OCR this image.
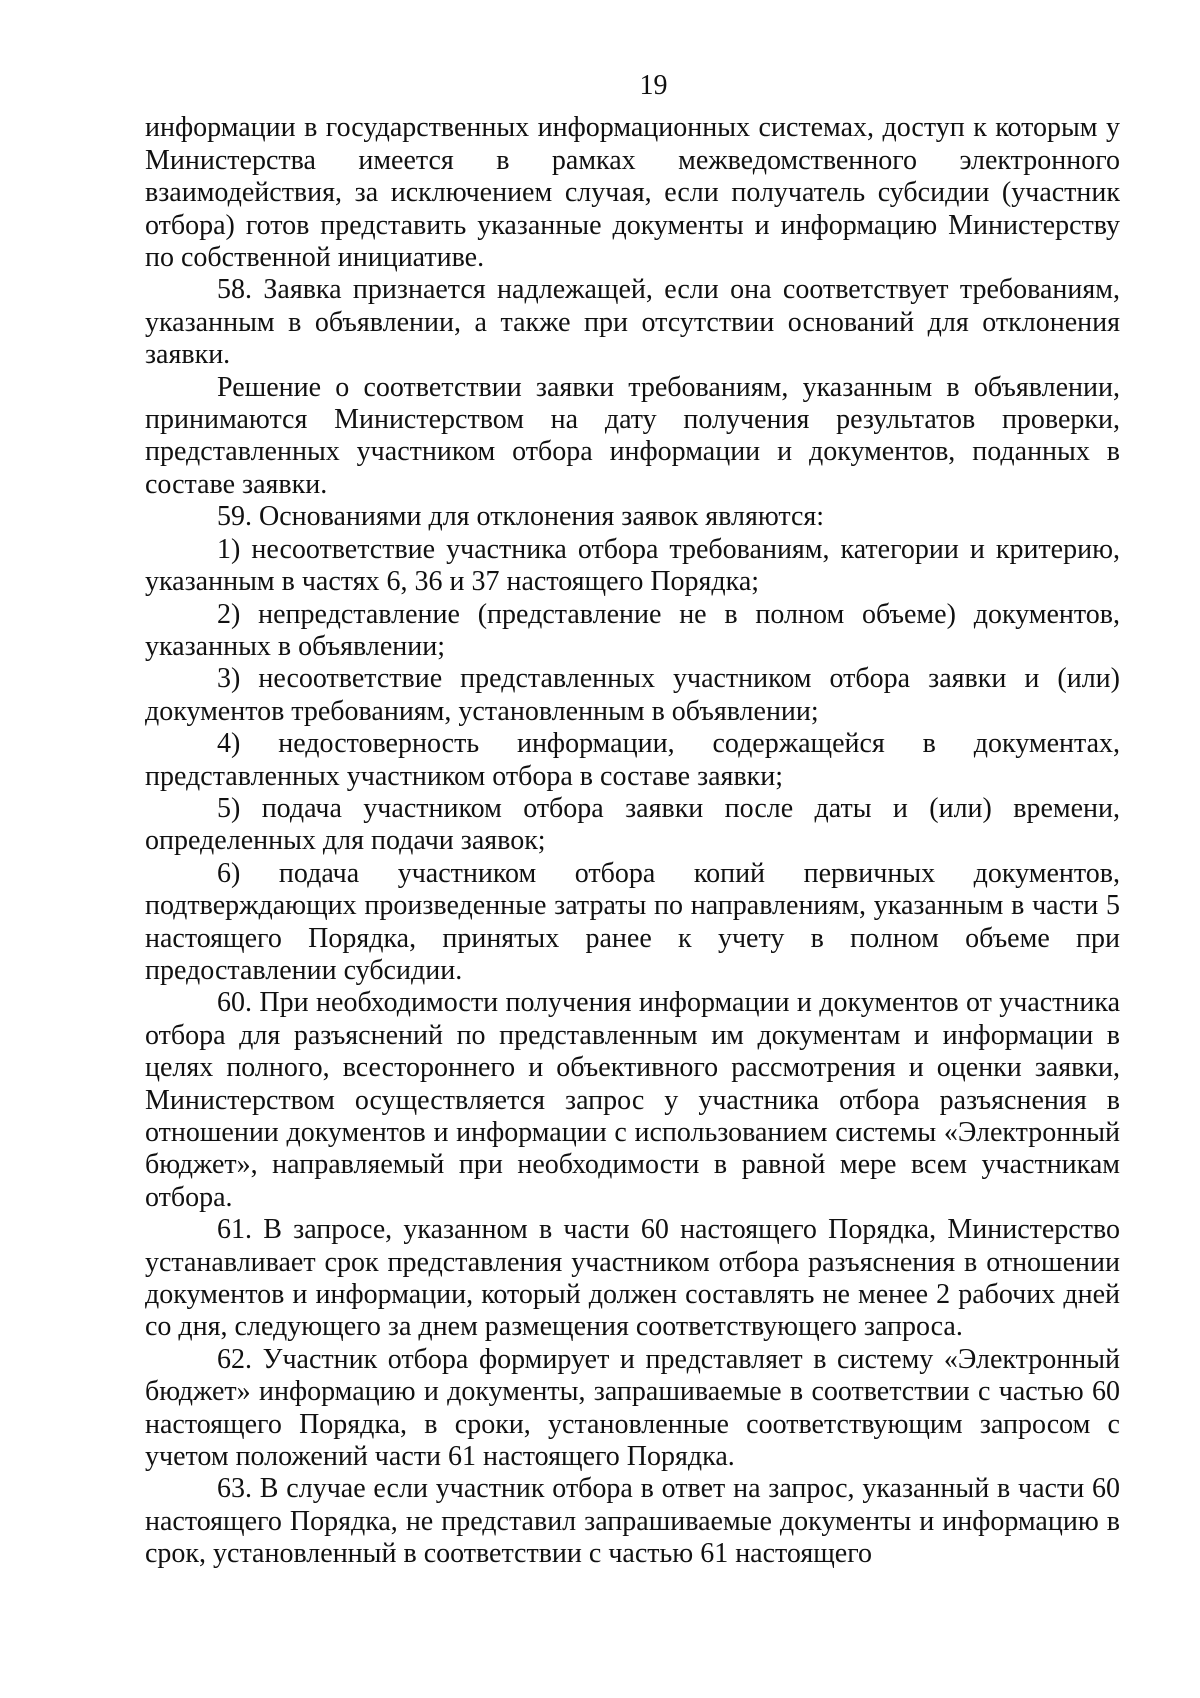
19

информации в государственных информационных системах, доступ к которым у Министерства имеется в рамках межведомственного электронного взаимодействия, за исключением случая, если получатель субсидии (участник отбора) готов представить указанные документы и информацию Министерству по собственной инициативе.

58. Заявка признается надлежащей, если она соответствует требованиям, указанным в объявлении, а также при отсутствии оснований для отклонения заявки.

Решение о соответствии заявки требованиям, указанным в объявлении, принимаются Министерством на дату получения результатов проверки, представленных участником отбора информации и документов, поданных в составе заявки.

59. Основаниями для отклонения заявок являются:

1) несоответствие участника отбора требованиям, категории и критерию, указанным в частях 6, 36 и 37 настоящего Порядка;

2) непредставление (представление не в полном объеме) документов, указанных в объявлении;

3) несоответствие представленных участником отбора заявки и (или) документов требованиям, установленным в объявлении;

4) недостоверность информации, содержащейся в документах, представленных участником отбора в составе заявки;

5) подача участником отбора заявки после даты и (или) времени, определенных для подачи заявок;

6) подача участником отбора копий первичных документов, подтверждающих произведенные затраты по направлениям, указанным в части 5 настоящего Порядка, принятых ранее к учету в полном объеме при предоставлении субсидии.

60. При необходимости получения информации и документов от участника отбора для разъяснений по представленным им документам и информации в целях полного, всестороннего и объективного рассмотрения и оценки заявки, Министерством осуществляется запрос у участника отбора разъяснения в отношении документов и информации с использованием системы «Электронный бюджет», направляемый при необходимости в равной мере всем участникам отбора.

61. В запросе, указанном в части 60 настоящего Порядка, Министерство устанавливает срок представления участником отбора разъяснения в отношении документов и информации, который должен составлять не менее 2 рабочих дней со дня, следующего за днем размещения соответствующего запроса.

62. Участник отбора формирует и представляет в систему «Электронный бюджет» информацию и документы, запрашиваемые в соответствии с частью 60 настоящего Порядка, в сроки, установленные соответствующим запросом с учетом положений части 61 настоящего Порядка.

63. В случае если участник отбора в ответ на запрос, указанный в части 60 настоящего Порядка, не представил запрашиваемые документы и информацию в срок, установленный в соответствии с частью 61 настоящего
